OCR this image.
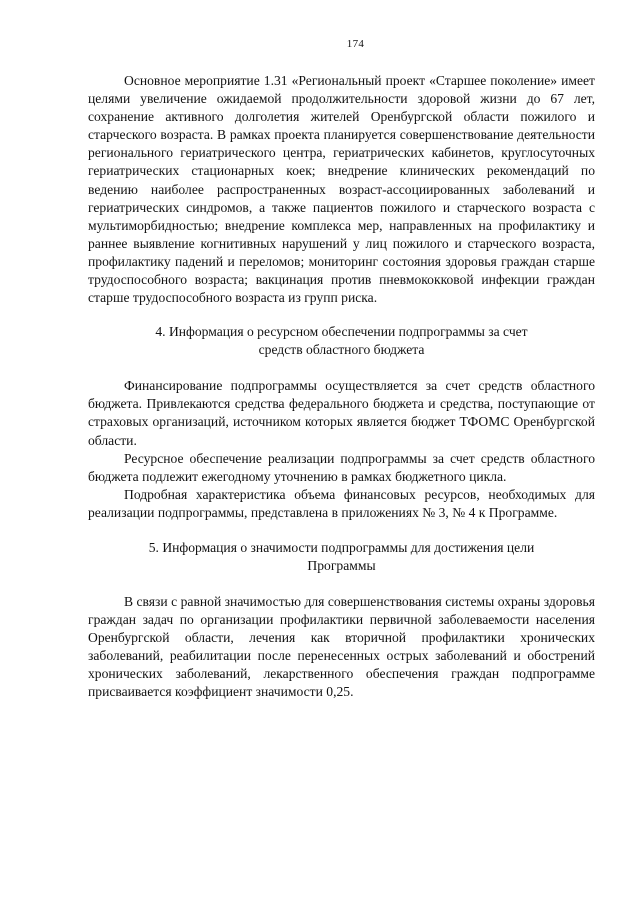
174

Основное мероприятие 1.31 «Региональный проект «Старшее поколение» имеет целями увеличение ожидаемой продолжительности здоровой жизни до 67 лет, сохранение активного долголетия жителей Оренбургской области пожилого и старческого возраста. В рамках проекта планируется совершенствование деятельности регионального гериатрического центра, гериатрических кабинетов, круглосуточных гериатрических стационарных коек; внедрение клинических рекомендаций по ведению наиболее распространенных возраст-ассоциированных заболеваний и гериатрических синдромов, а также пациентов пожилого и старческого возраста с мультиморбидностью; внедрение комплекса мер, направленных на профилактику и раннее выявление когнитивных нарушений у лиц пожилого и старческого возраста, профилактику падений и переломов; мониторинг состояния здоровья граждан старше трудоспособного возраста; вакцинация против пневмококковой инфекции граждан старше трудоспособного возраста из групп риска.

4. Информация о ресурсном обеспечении подпрограммы за счет
средств областного бюджета

Финансирование подпрограммы осуществляется за счет средств областного бюджета. Привлекаются средства федерального бюджета и средства, поступающие от страховых организаций, источником которых является бюджет ТФОМС Оренбургской области.

Ресурсное обеспечение реализации подпрограммы за счет средств областного бюджета подлежит ежегодному уточнению в рамках бюджетного цикла.

Подробная характеристика объема финансовых ресурсов, необходимых для реализации подпрограммы, представлена в приложениях № 3, № 4 к Программе.

5. Информация о значимости подпрограммы для достижения цели
Программы

В связи с равной значимостью для совершенствования системы охраны здоровья граждан задач по организации профилактики первичной заболеваемости населения Оренбургской области, лечения как вторичной профилактики хронических заболеваний, реабилитации после перенесенных острых заболеваний и обострений хронических заболеваний, лекарственного обеспечения граждан подпрограмме присваивается коэффициент значимости 0,25.
